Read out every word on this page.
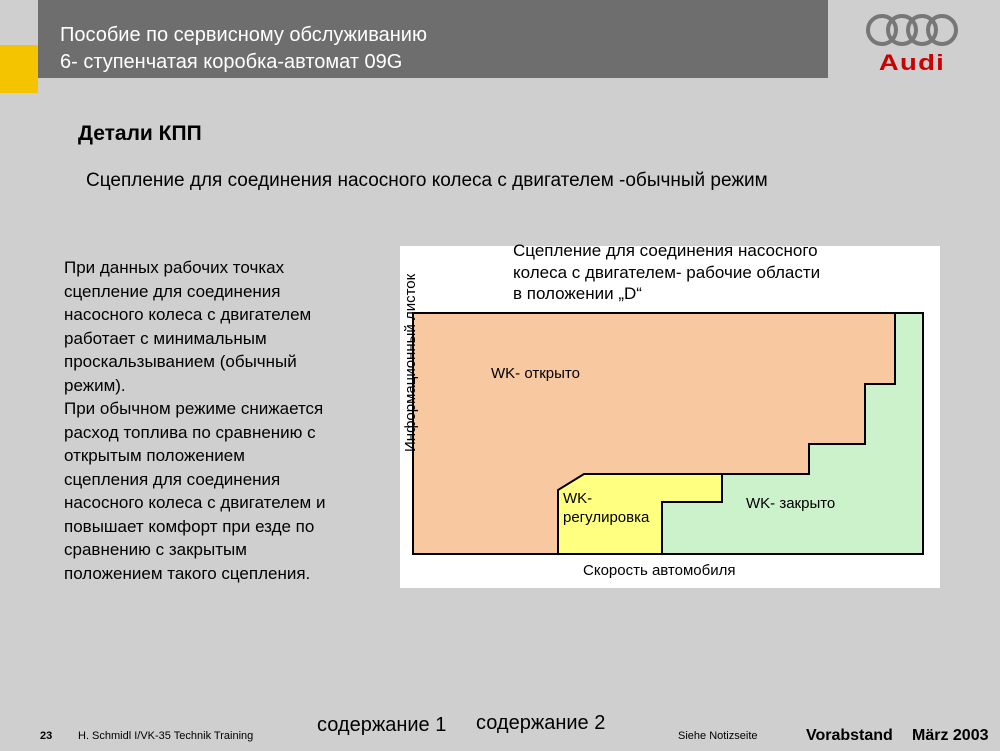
Пособие по сервисному обслуживанию
6- ступенчатая коробка-автомат 09G	Audi
Детали КПП
Сцепление для соединения насосного колеса с двигателем -обычный режим

При данных рабочих точках

сцепление для соединения

насосного колеса с двигателем

работает с минимальным

проскальзыванием (обычный

режим).

При обычном режиме снижается

расход топлива по сравнению с

открытым положением

сцепления для соединения

насосного колеса с двигателем и

повышает комфорт при езде по

сравнению с закрытым

положением такого сцепления.

Информационный листок
Сцепление для соединения насосного
колеса с двигателем- рабочие области
в положении „D“
WK- открыто
WK-
регулировка
WK- закрыто
Скорость автомобиля
содержание 1 содержание 2
23 H. Schmidl I/VK-35 Technik Training	Siehe Notizseite	Vorabstand März 2003
